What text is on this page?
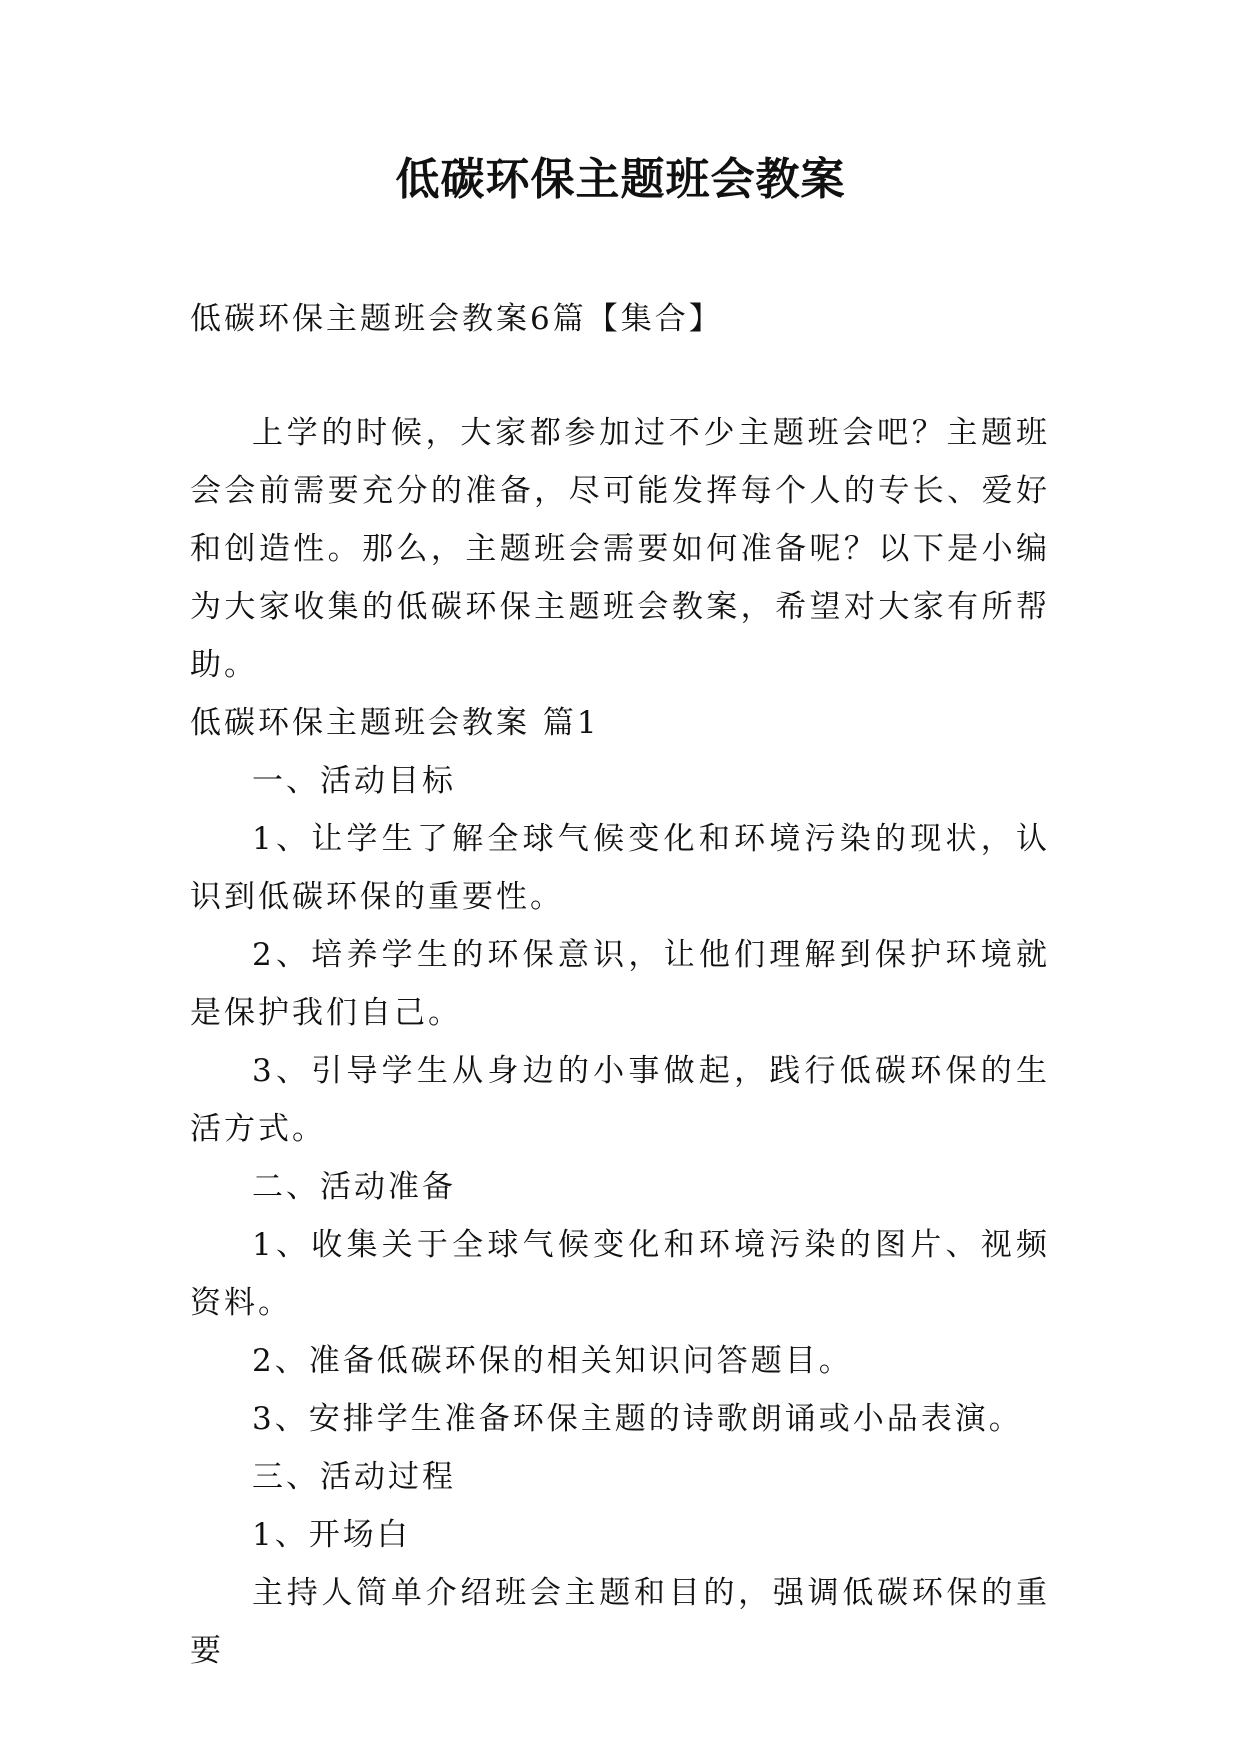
低碳环保主题班会教案
低碳环保主题班会教案6篇【集合】

上学的时候，大家都参加过不少主题班会吧？主题班会会前需要充分的准备，尽可能发挥每个人的专长、爱好和创造性。那么，主题班会需要如何准备呢？以下是小编为大家收集的低碳环保主题班会教案，希望对大家有所帮助。

低碳环保主题班会教案 篇1

一、活动目标

1、让学生了解全球气候变化和环境污染的现状，认识到低碳环保的重要性。

2、培养学生的环保意识，让他们理解到保护环境就是保护我们自己。

3、引导学生从身边的小事做起，践行低碳环保的生活方式。

二、活动准备

1、收集关于全球气候变化和环境污染的图片、视频资料。

2、准备低碳环保的相关知识问答题目。

3、安排学生准备环保主题的诗歌朗诵或小品表演。

三、活动过程

1、开场白

主持人简单介绍班会主题和目的，强调低碳环保的重要
